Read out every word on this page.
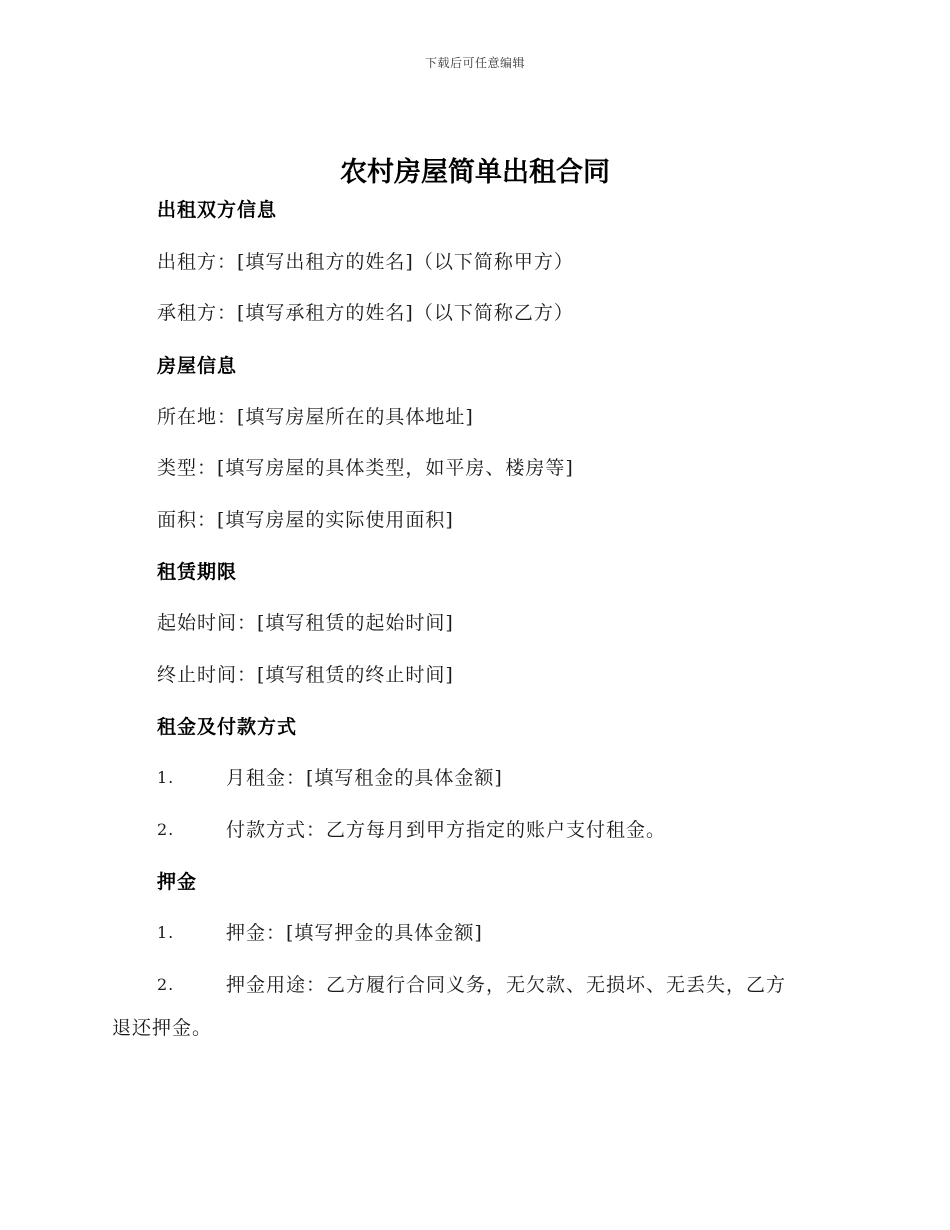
下载后可任意编辑
农村房屋简单出租合同
出租双方信息
出租方：[填写出租方的姓名]（以下简称甲方）
承租方：[填写承租方的姓名]（以下简称乙方）
房屋信息
所在地：[填写房屋所在的具体地址]
类型：[填写房屋的具体类型，如平房、楼房等]
面积：[填写房屋的实际使用面积]
租赁期限
起始时间：[填写租赁的起始时间]
终止时间：[填写租赁的终止时间]
租金及付款方式
1.	月租金：[填写租金的具体金额]
2.	付款方式：乙方每月到甲方指定的账户支付租金。
押金
1.	押金：[填写押金的具体金额]
2.	押金用途：乙方履行合同义务，无欠款、无损坏、无丢失，乙方
退还押金。
